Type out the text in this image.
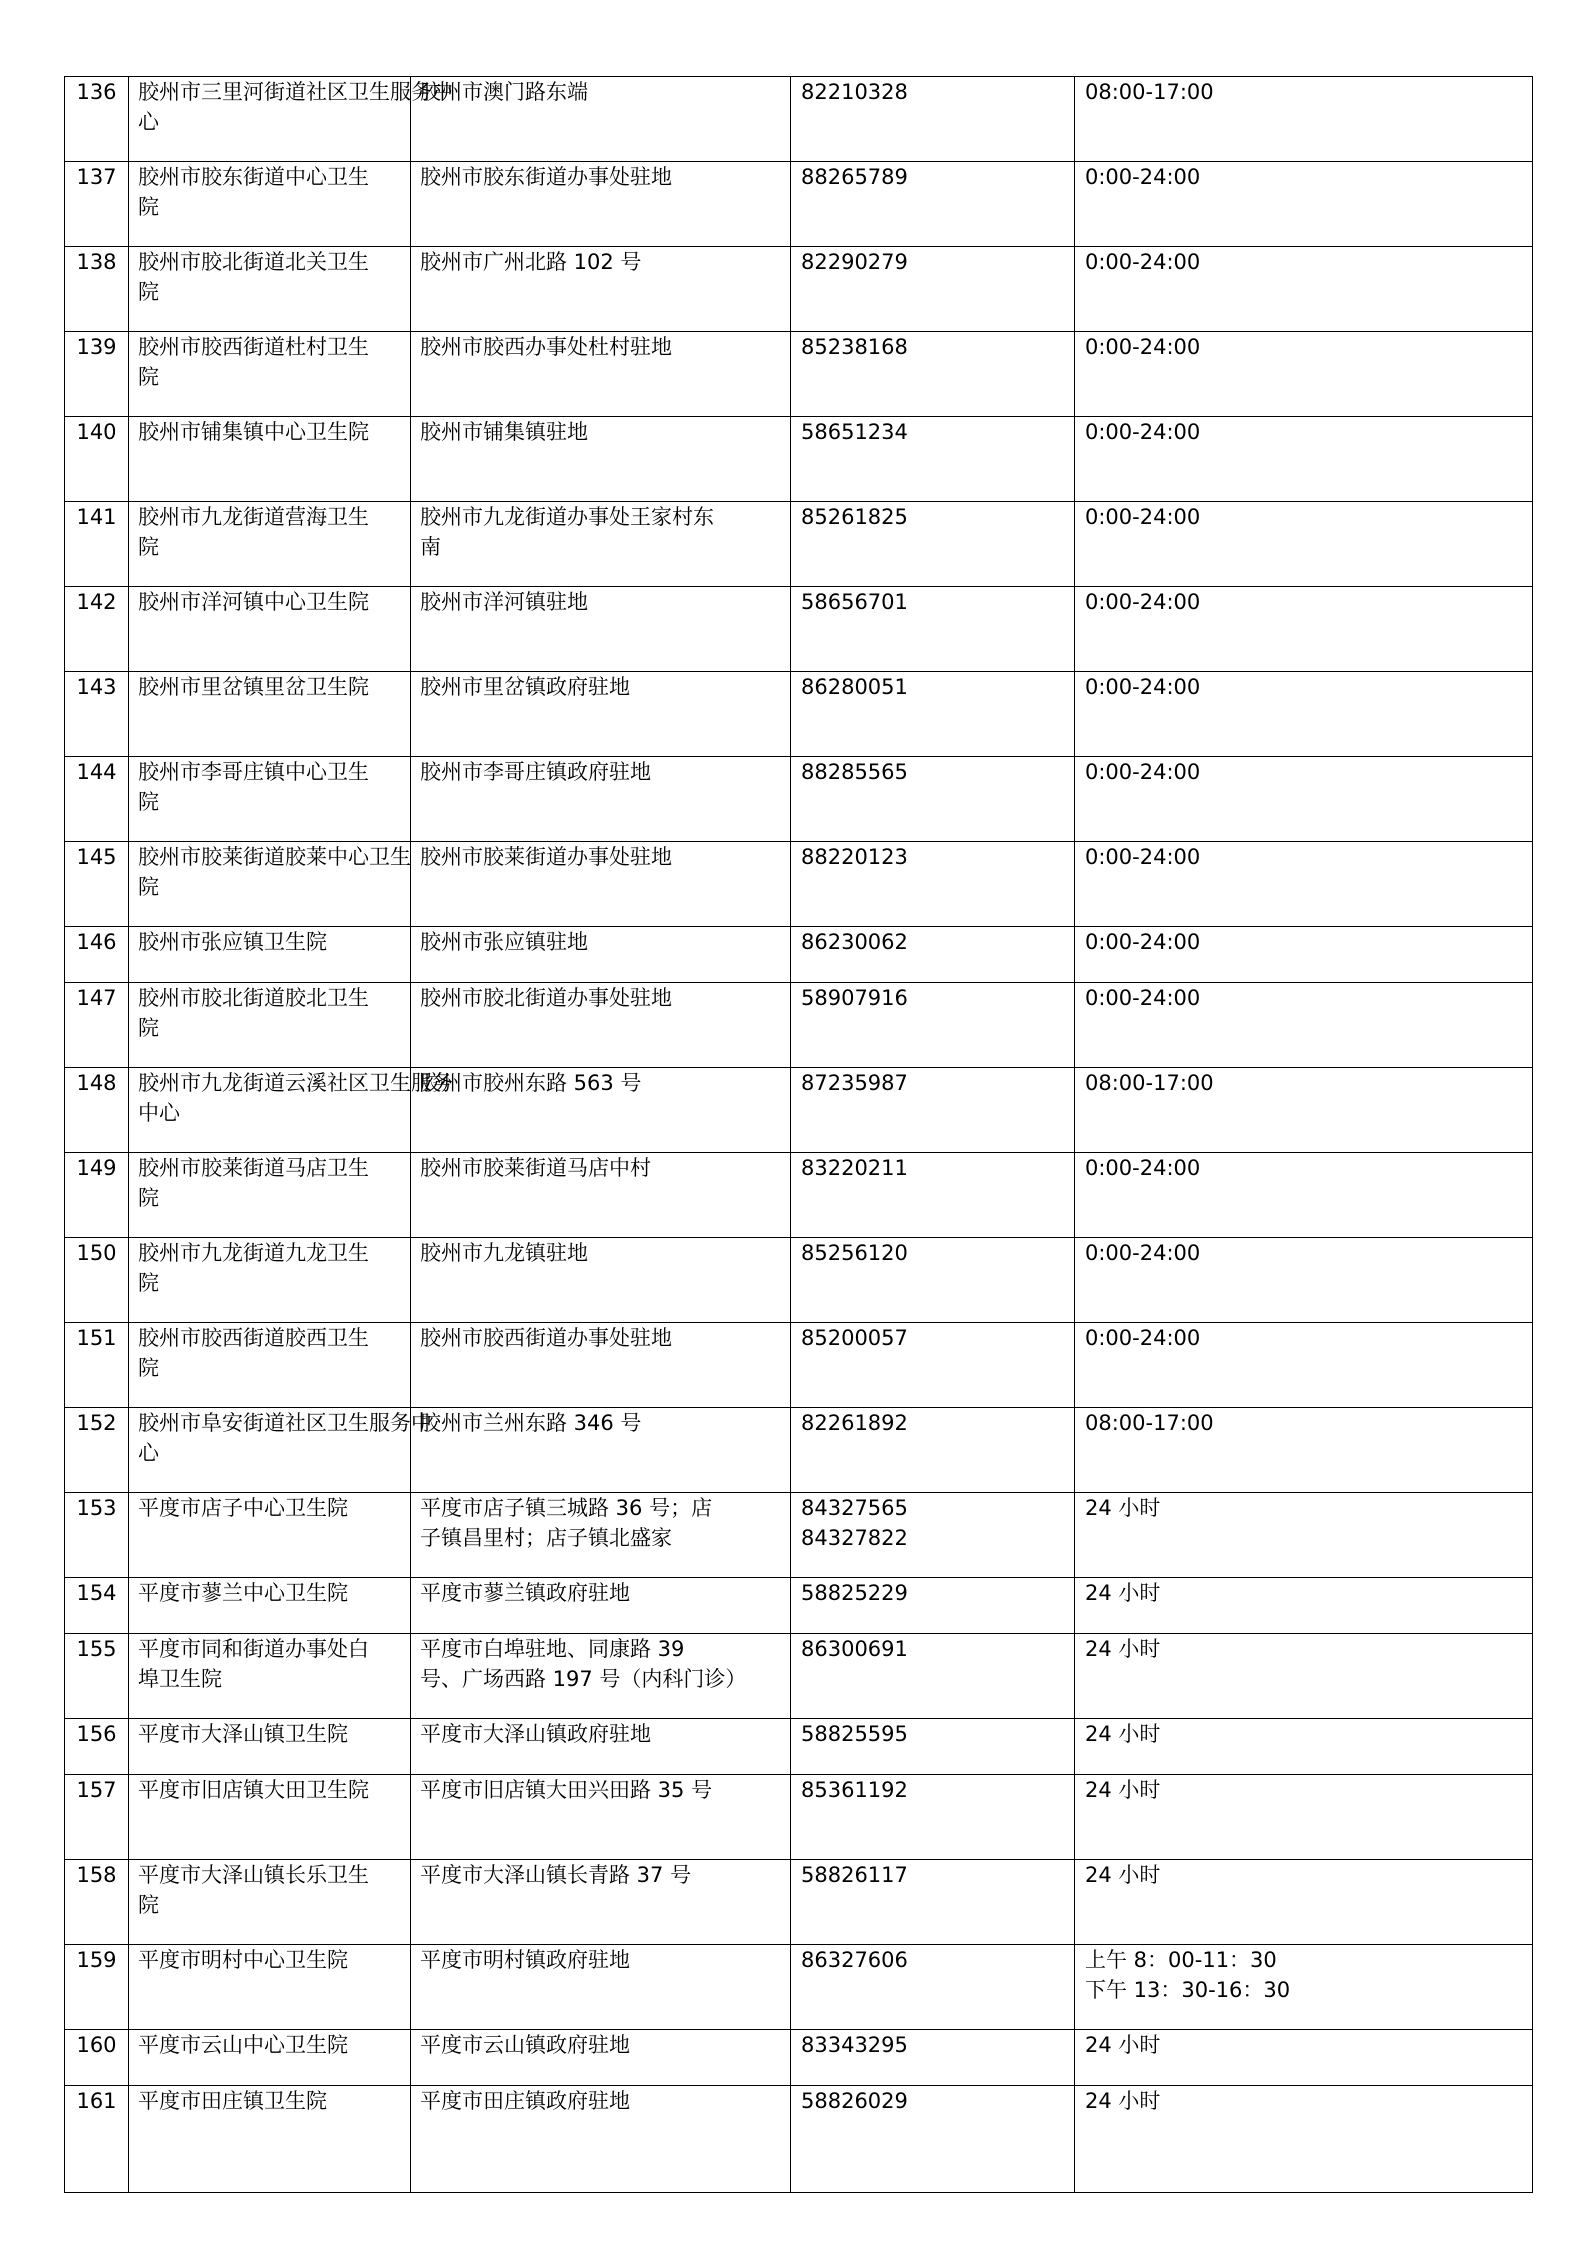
136	胶州市三里河街道社区卫生服务中
心	胶州市澳门路东端	82210328	08:00-17:00

137	胶州市胶东街道中心卫生
院	胶州市胶东街道办事处驻地	88265789	0:00-24:00

138	胶州市胶北街道北关卫生
院	胶州市广州北路 102 号	82290279	0:00-24:00

139	胶州市胶西街道杜村卫生
院	胶州市胶西办事处杜村驻地	85238168	0:00-24:00

140	胶州市铺集镇中心卫生院	胶州市铺集镇驻地	58651234	0:00-24:00

141	胶州市九龙街道营海卫生
院	胶州市九龙街道办事处王家村东
南	85261825	0:00-24:00

142	胶州市洋河镇中心卫生院	胶州市洋河镇驻地	58656701	0:00-24:00

143	胶州市里岔镇里岔卫生院	胶州市里岔镇政府驻地	86280051	0:00-24:00

144	胶州市李哥庄镇中心卫生
院	胶州市李哥庄镇政府驻地	88285565	0:00-24:00

145	胶州市胶莱街道胶莱中心卫生
院	胶州市胶莱街道办事处驻地	88220123	0:00-24:00

146	胶州市张应镇卫生院	胶州市张应镇驻地	86230062	0:00-24:00

147	胶州市胶北街道胶北卫生
院	胶州市胶北街道办事处驻地	58907916	0:00-24:00

148	胶州市九龙街道云溪社区卫生服务
中心	胶州市胶州东路 563 号	87235987	08:00-17:00

149	胶州市胶莱街道马店卫生
院	胶州市胶莱街道马店中村	83220211	0:00-24:00

150	胶州市九龙街道九龙卫生
院	胶州市九龙镇驻地	85256120	0:00-24:00

151	胶州市胶西街道胶西卫生
院	胶州市胶西街道办事处驻地	85200057	0:00-24:00

152	胶州市阜安街道社区卫生服务中
心	胶州市兰州东路 346 号	82261892	08:00-17:00

153	平度市店子中心卫生院	平度市店子镇三城路 36 号；店
子镇昌里村；店子镇北盛家	84327565
84327822	24 小时

154	平度市蓼兰中心卫生院	平度市蓼兰镇政府驻地	58825229	24 小时

155	平度市同和街道办事处白
埠卫生院	平度市白埠驻地、同康路 39
号、广场西路 197 号（内科门诊）	86300691	24 小时

156	平度市大泽山镇卫生院	平度市大泽山镇政府驻地	58825595	24 小时

157	平度市旧店镇大田卫生院	平度市旧店镇大田兴田路 35 号	85361192	24 小时

158	平度市大泽山镇长乐卫生
院	平度市大泽山镇长青路 37 号	58826117	24 小时

159	平度市明村中心卫生院	平度市明村镇政府驻地	86327606	上午 8：00-11：30
下午 13：30-16：30

160	平度市云山中心卫生院	平度市云山镇政府驻地	83343295	24 小时

161	平度市田庄镇卫生院	平度市田庄镇政府驻地	58826029	24 小时
